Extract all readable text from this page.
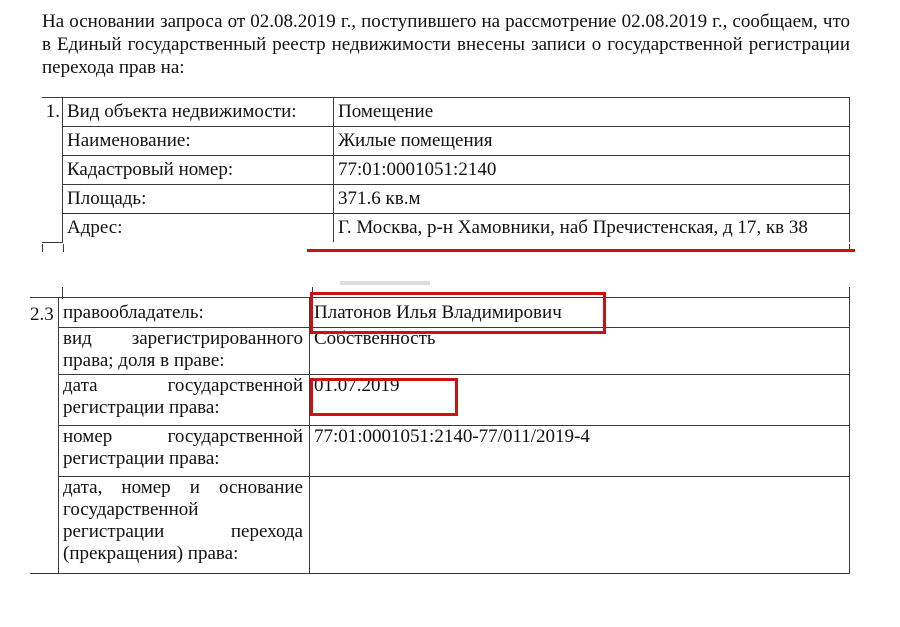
На основании запроса от 02.08.2019 г., поступившего на рассмотрение 02.08.2019 г., сообщаем, что в Единый государственный реестр недвижимости внесены записи о государственной регистрации перехода прав на:
1.	Вид объекта недвижимости:	Помещение
	Наименование:	Жилые помещения
	Кадастровый номер:	77:01:0001051:2140
	Площадь:	371.6 кв.м
	Адрес:	Г. Москва, р-н Хамовники, наб Пречистенская, д 17, кв 38
2.3	правообладатель:	Платонов Илья Владимирович

	вид зарегистрированного
права; доля в праве:	Собственность

	дата государственной
регистрации права:	01.07.2019

	номер государственной
регистрации права:	77:01:0001051:2140-77/011/2019-4

	дата, номер и основание
государственной
регистрации перехода
(прекращения) права:	
